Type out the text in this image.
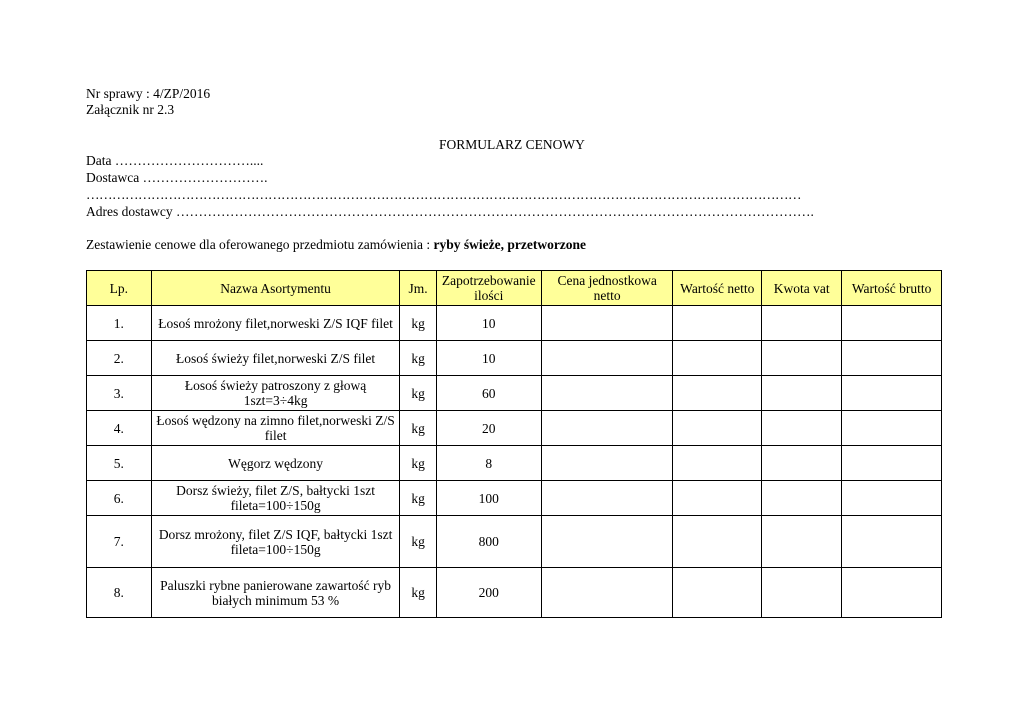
Nr sprawy : 4/ZP/2016
Załącznik nr 2.3
FORMULARZ CENOWY
Data …………………………....
Dostawca ……………………….
…………………………………………………………………………………………………………………………………………………
Adres dostawcy …………………………………………………………………………………………………………………………….
Zestawienie cenowe dla oferowanego przedmiotu zamówienia : ryby świeże, przetworzone
Lp.	Nazwa Asortymentu	Jm.	Zapotrzebowanie ilości	Cena jednostkowa netto	Wartość netto	Kwota vat	Wartość brutto
1.	Łosoś mrożony filet,norweski Z/S IQF filet	kg	10				
2.	Łosoś świeży filet,norweski Z/S filet	kg	10				
3.	Łosoś świeży patroszony z głową 1szt=3÷4kg	kg	60				
4.	Łosoś wędzony na zimno filet,norweski Z/S filet	kg	20				
5.	Węgorz wędzony	kg	8				
6.	Dorsz świeży, filet Z/S, bałtycki 1szt fileta=100÷150g	kg	100				
7.	Dorsz mrożony, filet Z/S IQF, bałtycki 1szt fileta=100÷150g	kg	800				
8.	Paluszki rybne panierowane zawartość ryb białych minimum 53 %	kg	200				
